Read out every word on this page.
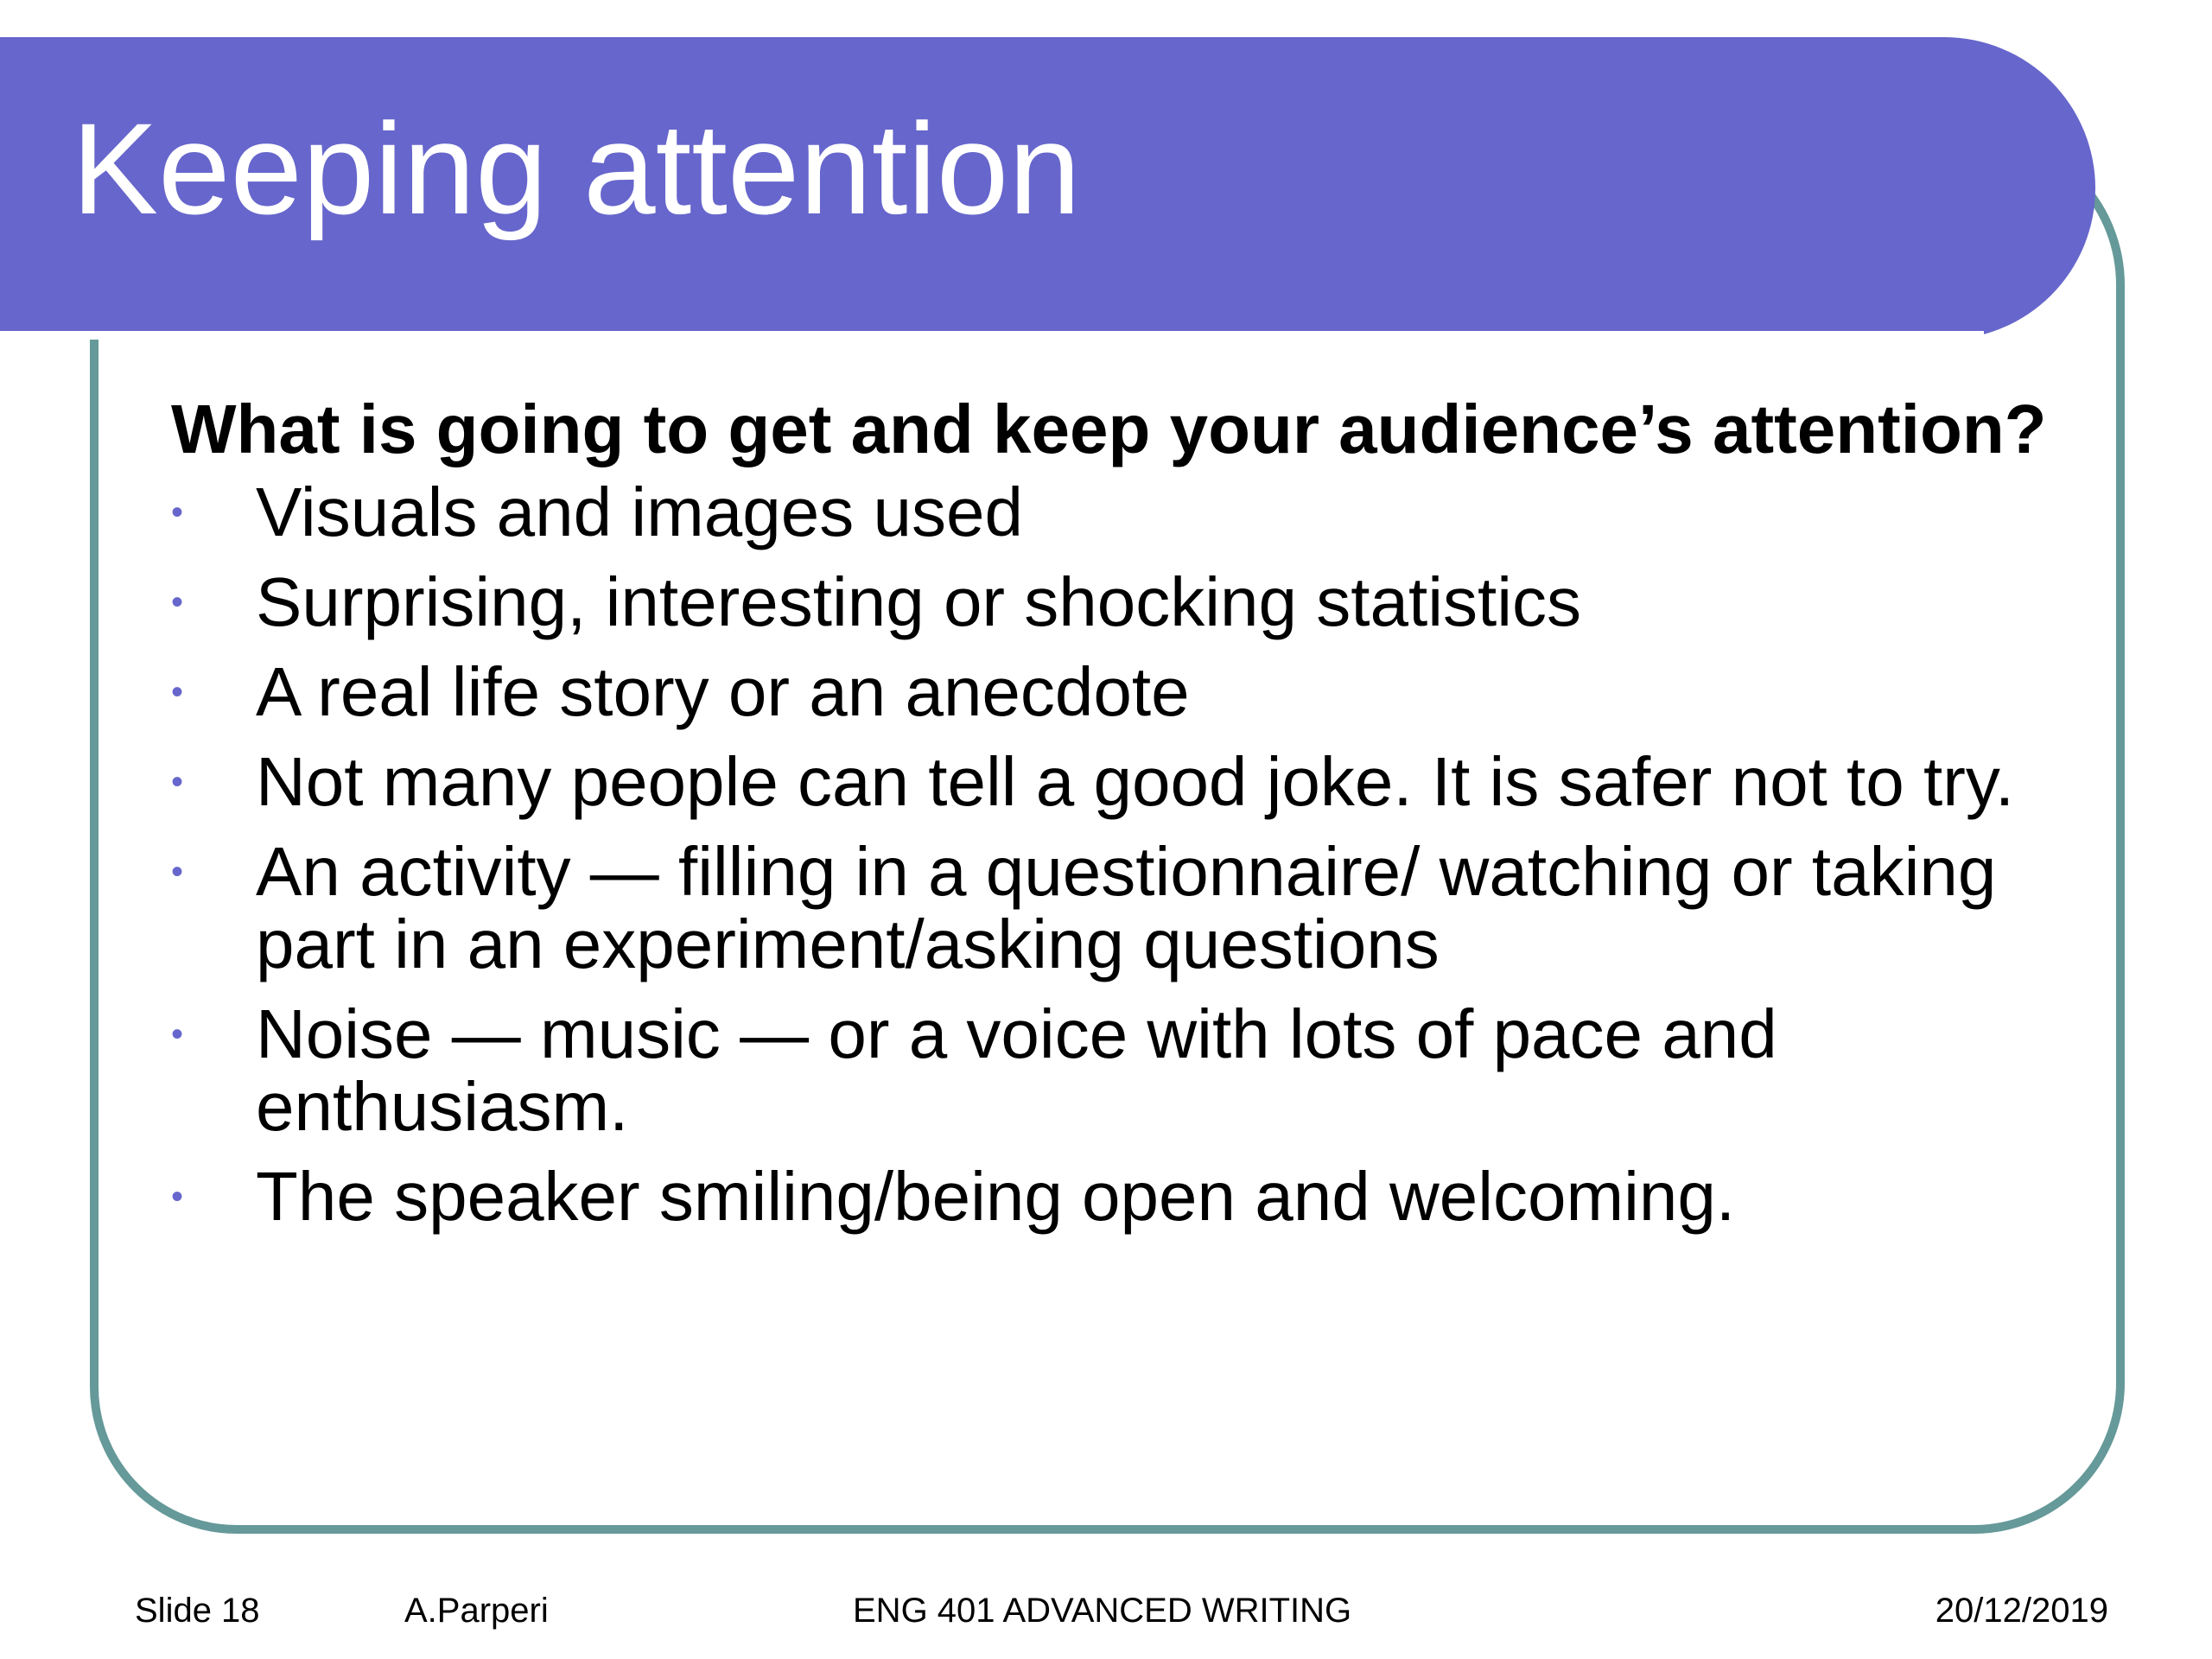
Keeping attention

What is going to get and keep your audience’s attention?

• Visuals and images used
• Surprising, interesting or shocking statistics
• A real life story or an anecdote
• Not many people can tell a good joke. It is safer not to try.
• An activity — filling in a questionnaire/ watching or taking part in an experiment/asking questions
• Noise — music — or a voice with lots of pace and enthusiasm.
• The speaker smiling/being open and welcoming.
Slide 18	A.Parperi	ENG 401 ADVANCED WRITING	20/12/2019
